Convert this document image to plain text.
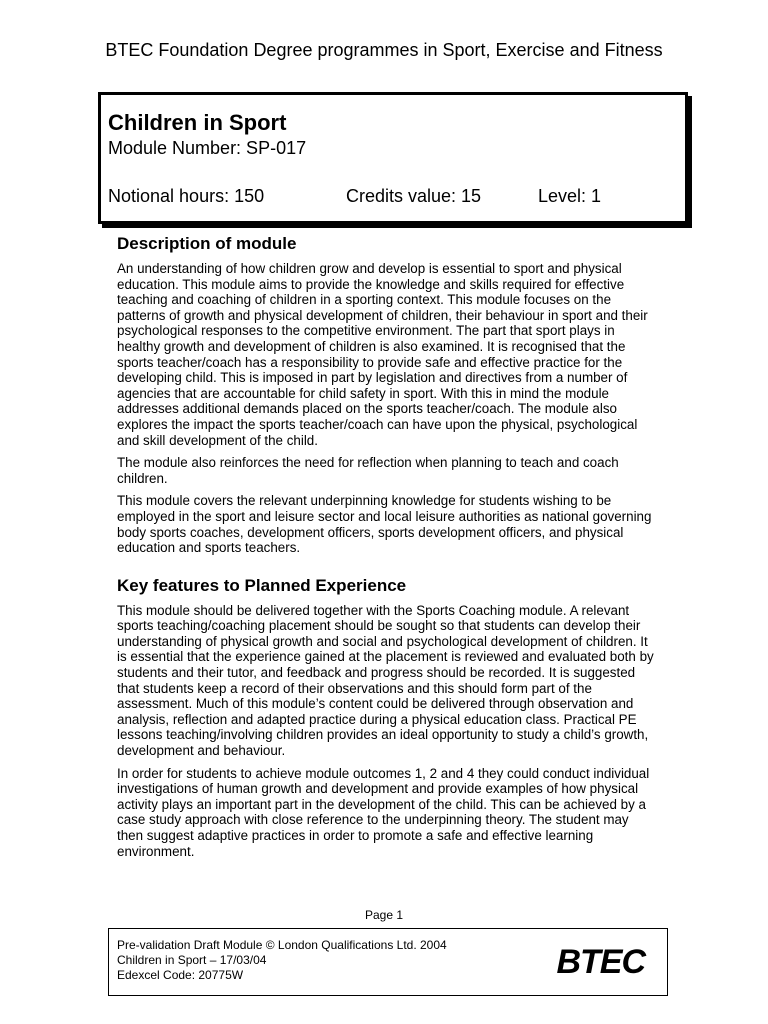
BTEC Foundation Degree programmes in Sport, Exercise and Fitness
Children in Sport
Module Number: SP-017
Notional hours: 150	Credits value: 15	Level: 1
Description of module

An understanding of how children grow and develop is essential to sport and physical education. This module aims to provide the knowledge and skills required for effective teaching and coaching of children in a sporting context. This module focuses on the patterns of growth and physical development of children, their behaviour in sport and their psychological responses to the competitive environment. The part that sport plays in healthy growth and development of children is also examined. It is recognised that the sports teacher/coach has a responsibility to provide safe and effective practice for the developing child. This is imposed in part by legislation and directives from a number of agencies that are accountable for child safety in sport. With this in mind the module addresses additional demands placed on the sports teacher/coach. The module also explores the impact the sports teacher/coach can have upon the physical, psychological and skill development of the child.

The module also reinforces the need for reflection when planning to teach and coach children.

This module covers the relevant underpinning knowledge for students wishing to be employed in the sport and leisure sector and local leisure authorities as national governing body sports coaches, development officers, sports development officers, and physical education and sports teachers.

Key features to Planned Experience

This module should be delivered together with the Sports Coaching module. A relevant sports teaching/coaching placement should be sought so that students can develop their understanding of physical growth and social and psychological development of children. It is essential that the experience gained at the placement is reviewed and evaluated both by students and their tutor, and feedback and progress should be recorded. It is suggested that students keep a record of their observations and this should form part of the assessment. Much of this module’s content could be delivered through observation and analysis, reflection and adapted practice during a physical education class. Practical PE lessons teaching/involving children provides an ideal opportunity to study a child’s growth, development and behaviour.

In order for students to achieve module outcomes 1, 2 and 4 they could conduct individual investigations of human growth and development and provide examples of how physical activity plays an important part in the development of the child. This can be achieved by a case study approach with close reference to the underpinning theory. The student may then suggest adaptive practices in order to promote a safe and effective learning environment.

Page 1
Pre-validation Draft Module © London Qualifications Ltd. 2004
Children in Sport – 17/03/04
Edexcel Code: 20775W	BTEC
